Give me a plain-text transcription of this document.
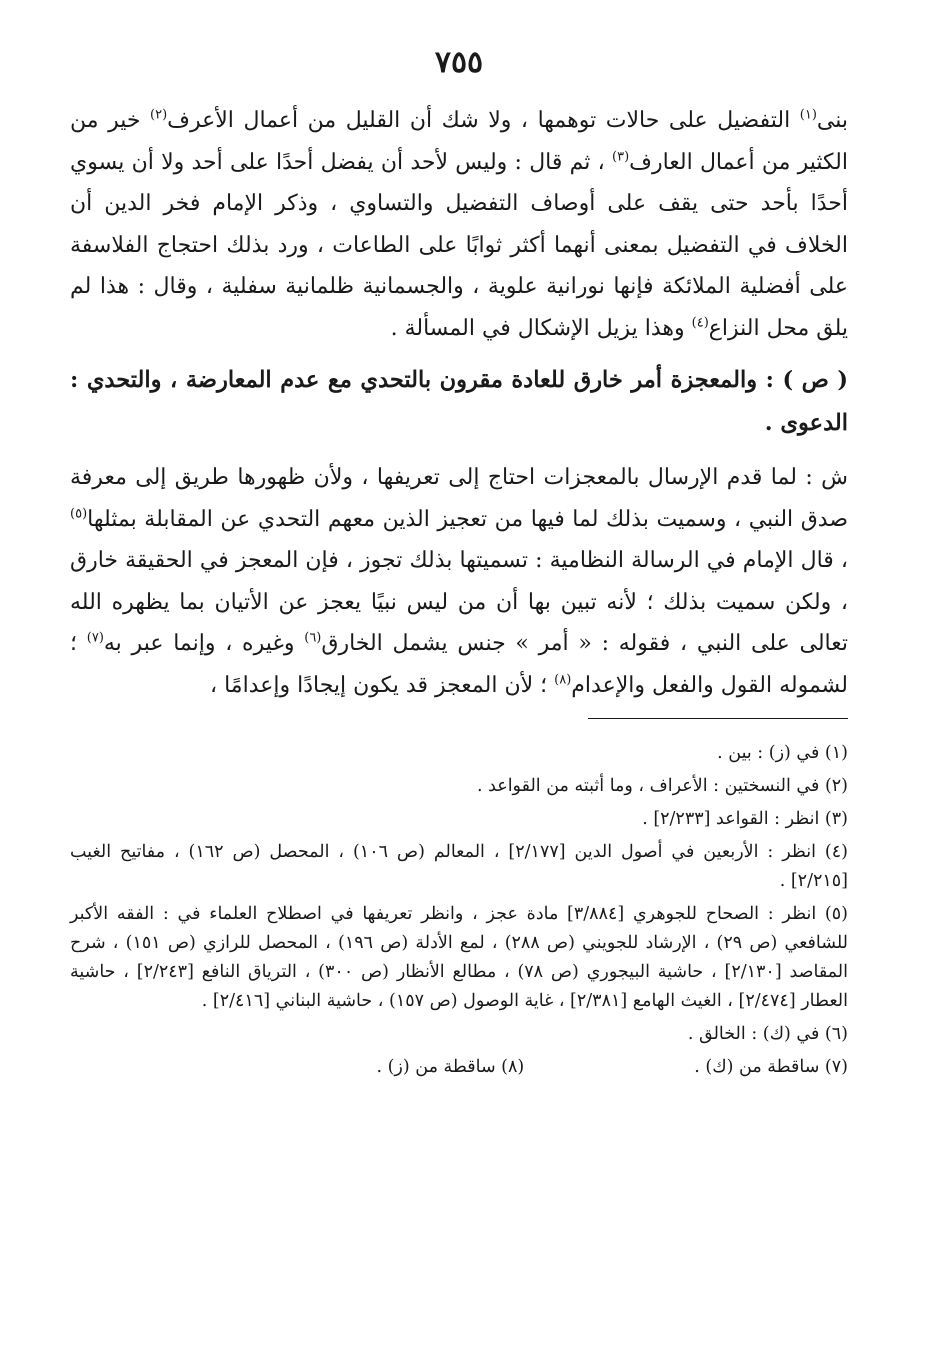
٧٥٥

بنى$^{(١)}$ التفضيل على حالات توهمها ، ولا شك أن القليل من أعمال الأعرف$^{(٢)}$ خير من الكثير من أعمال العارف$^{(٣)}$ ، ثم قال : وليس لأحد أن يفضل أحدًا على أحد ولا أن يسوي أحدًا بأحد حتى يقف على أوصاف التفضيل والتساوي ، وذكر الإمام فخر الدين أن الخلاف في التفضيل بمعنى أنهما أكثر ثوابًا على الطاعات ، ورد بذلك احتجاج الفلاسفة على أفضلية الملائكة فإنها نورانية علوية ، والجسمانية ظلمانية سفلية ، وقال : هذا لم يلق محل النزاع$^{(٤)}$ وهذا يزيل الإشكال في المسألة .

( ص ) : والمعجزة أمر خارق للعادة مقرون بالتحدي مع عدم المعارضة ، والتحدي : الدعوى .

ش : لما قدم الإرسال بالمعجزات احتاج إلى تعريفها ، ولأن ظهورها طريق إلى معرفة صدق النبي ، وسميت بذلك لما فيها من تعجيز الذين معهم التحدي عن المقابلة بمثلها$^{(٥)}$ ، قال الإمام في الرسالة النظامية : تسميتها بذلك تجوز ، فإن المعجز في الحقيقة خارق ، ولكن سميت بذلك ؛ لأنه تبين بها أن من ليس نبيًا يعجز عن الأتيان بما يظهره الله تعالى على النبي ، فقوله : « أمر » جنس يشمل الخارق$^{(٦)}$ وغيره ، وإنما عبر به$^{(٧)}$ ؛ لشموله القول والفعل والإعدام$^{(٨)}$ ؛ لأن المعجز قد يكون إيجادًا وإعدامًا ،

(١) في (ز) : بين .
(٢) في النسختين : الأعراف ، وما أثبته من القواعد .
(٣) انظر : القواعد [٢/٢٣٣] .
(٤) انظر : الأربعين في أصول الدين [٢/١٧٧] ، المعالم (ص ١٠٦) ، المحصل (ص ١٦٢) ، مفاتيح الغيب [٢/٢١٥] .
(٥) انظر : الصحاح للجوهري [٣/٨٨٤] مادة عجز ، وانظر تعريفها في اصطلاح العلماء في : الفقه الأكبر للشافعي (ص ٢٩) ، الإرشاد للجويني (ص ٢٨٨) ، لمع الأدلة (ص ١٩٦) ، المحصل للرازي (ص ١٥١) ، شرح المقاصد [٢/١٣٠] ، حاشية البيجوري (ص ٧٨) ، مطالع الأنظار (ص ٣٠٠) ، الترياق النافع [٢/٢٤٣] ، حاشية العطار [٢/٤٧٤] ، الغيث الهامع [٢/٣٨١] ، غاية الوصول (ص ١٥٧) ، حاشية البناني [٢/٤١٦] .
(٦) في (ك) : الخالق .
(٧) ساقطة من (ك) .
(٨) ساقطة من (ز) .
